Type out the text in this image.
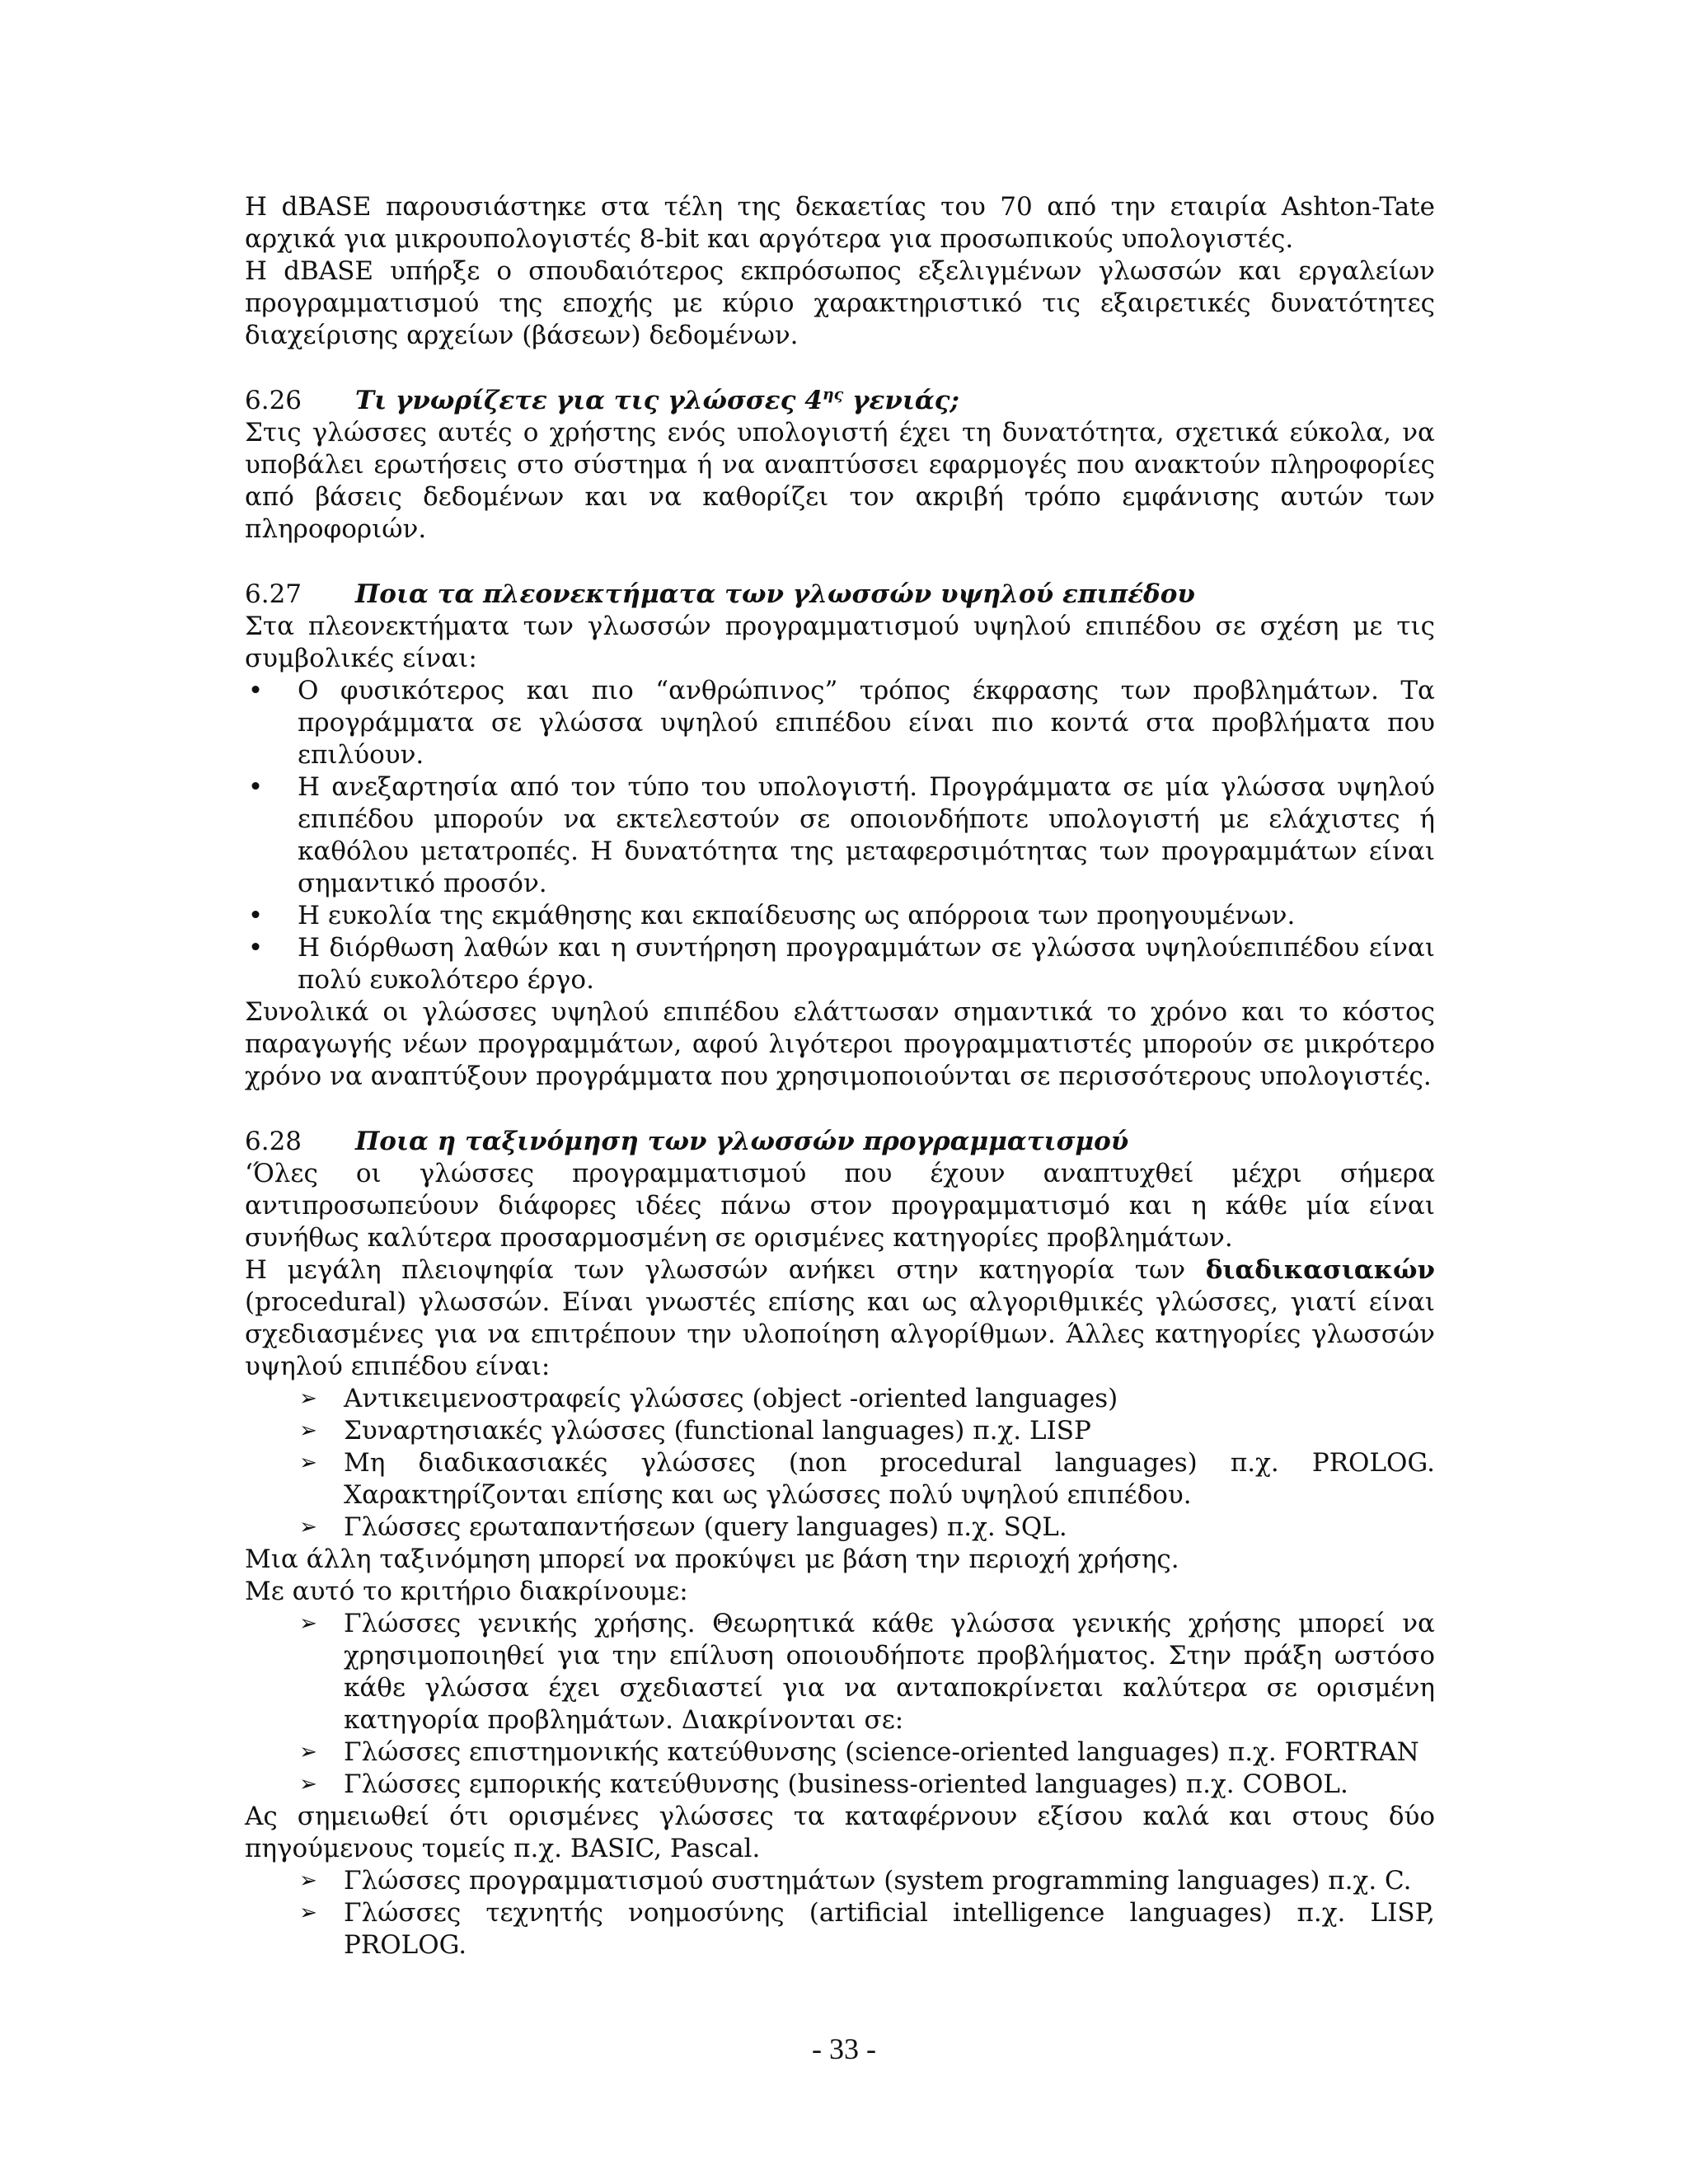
Η dBASE παρουσιάστηκε στα τέλη της δεκαετίας του 70 από την εταιρία Ashton-Tate αρχικά για μικρουπολογιστές 8-bit και αργότερα για προσωπικούς υπολογιστές.

Η dBASE υπήρξε ο σπουδαιότερος εκπρόσωπος εξελιγμένων γλωσσών και εργαλείων προγραμματισμού της εποχής με κύριο χαρακτηριστικό τις εξαιρετικές δυνατότητες διαχείρισης αρχείων (βάσεων) δεδομένων.

6.26	Τι γνωρίζετε για τις γλώσσες $4^{\eta\varsigma}$ γενιάς;

Στις γλώσσες αυτές ο χρήστης ενός υπολογιστή έχει τη δυνατότητα, σχετικά εύκολα, να υποβάλει ερωτήσεις στο σύστημα ή να αναπτύσσει εφαρμογές που ανακτούν πληροφορίες από βάσεις δεδομένων και να καθορίζει τον ακριβή τρόπο εμφάνισης αυτών των πληροφοριών.

6.27	Ποια τα πλεονεκτήματα των γλωσσών υψηλού επιπέδου

Στα πλεονεκτήματα των γλωσσών προγραμματισμού υψηλού επιπέδου σε σχέση με τις συμβολικές είναι:

• Ο φυσικότερος και πιο “ανθρώπινος” τρόπος έκφρασης των προβλημάτων. Τα προγράμματα σε γλώσσα υψηλού επιπέδου είναι πιο κοντά στα προβλήματα που επιλύουν.
• Η ανεξαρτησία από τον τύπο του υπολογιστή. Προγράμματα σε μία γλώσσα υψηλού επιπέδου μπορούν να εκτελεστούν σε οποιονδήποτε υπολογιστή με ελάχιστες ή καθόλου μετατροπές. Η δυνατότητα της μεταφερσιμότητας των προγραμμάτων είναι σημαντικό προσόν.
• Η ευκολία της εκμάθησης και εκπαίδευσης ως απόρροια των προηγουμένων.
• Η διόρθωση λαθών και η συντήρηση προγραμμάτων σε γλώσσα υψηλούεπιπέδου είναι πολύ ευκολότερο έργο.

Συνολικά οι γλώσσες υψηλού επιπέδου ελάττωσαν σημαντικά το χρόνο και το κόστος παραγωγής νέων προγραμμάτων, αφού λιγότεροι προγραμματιστές μπορούν σε μικρότερο χρόνο να αναπτύξουν προγράμματα που χρησιμοποιούνται σε περισσότερους υπολογιστές.

6.28	Ποια η ταξινόμηση των γλωσσών προγραμματισμού

‘Όλες οι γλώσσες προγραμματισμού που έχουν αναπτυχθεί μέχρι σήμερα αντιπροσωπεύουν διάφορες ιδέες πάνω στον προγραμματισμό και η κάθε μία είναι συνήθως καλύτερα προσαρμοσμένη σε ορισμένες κατηγορίες προβλημάτων.

Η μεγάλη πλειοψηφία των γλωσσών ανήκει στην κατηγορία των διαδικασιακών (procedural) γλωσσών. Είναι γνωστές επίσης και ως αλγοριθμικές γλώσσες, γιατί είναι σχεδιασμένες για να επιτρέπουν την υλοποίηση αλγορίθμων. Άλλες κατηγορίες γλωσσών υψηλού επιπέδου είναι:

➢ Αντικειμενοστραφείς γλώσσες (object -oriented languages)
➢ Συναρτησιακές γλώσσες (functional languages) π.χ. LISP
➢ Μη διαδικασιακές γλώσσες (non procedural languages) π.χ. PROLOG. Χαρακτηρίζονται επίσης και ως γλώσσες πολύ υψηλού επιπέδου.
➢ Γλώσσες ερωταπαντήσεων (query languages) π.χ. SQL.

Μια άλλη ταξινόμηση μπορεί να προκύψει με βάση την περιοχή χρήσης.

Με αυτό το κριτήριο διακρίνουμε:

➢ Γλώσσες γενικής χρήσης. Θεωρητικά κάθε γλώσσα γενικής χρήσης μπορεί να χρησιμοποιηθεί για την επίλυση οποιουδήποτε προβλήματος. Στην πράξη ωστόσο κάθε γλώσσα έχει σχεδιαστεί για να ανταποκρίνεται καλύτερα σε ορισμένη κατηγορία προβλημάτων. Διακρίνονται σε:
➢ Γλώσσες επιστημονικής κατεύθυνσης (science-oriented languages) π.χ. FORTRAN
➢ Γλώσσες εμπορικής κατεύθυνσης (business-oriented languages) π.χ. COBOL.

Ας σημειωθεί ότι ορισμένες γλώσσες τα καταφέρνουν εξίσου καλά και στους δύο πηγούμενους τομείς π.χ. BASIC, Pascal.

➢ Γλώσσες προγραμματισμού συστημάτων (system programming languages) π.χ. C.
➢ Γλώσσες τεχνητής νοημοσύνης (artificial intelligence languages) π.χ. LISP, PROLOG.
- 33 -
